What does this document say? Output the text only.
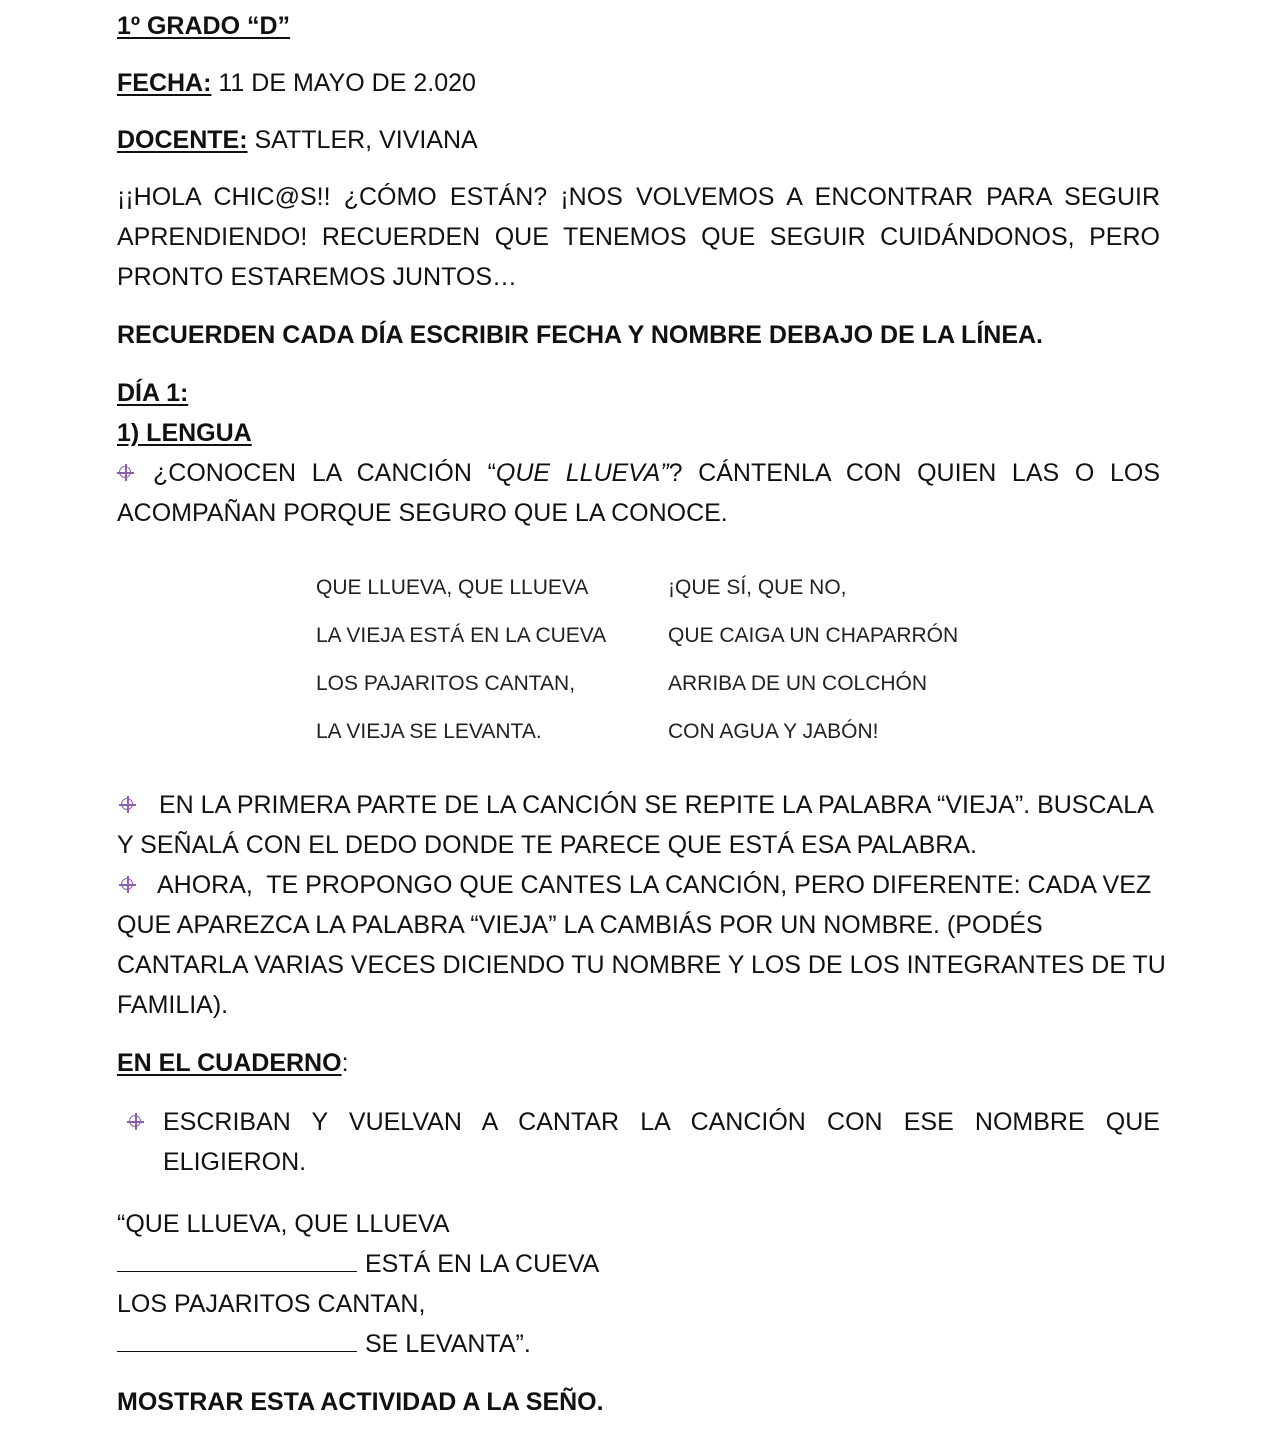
1º GRADO “D”
FECHA: 11 DE MAYO DE 2.020
DOCENTE: SATTLER, VIVIANA
¡¡HOLA CHIC@S!! ¿CÓMO ESTÁN? ¡NOS VOLVEMOS A ENCONTRAR PARA SEGUIR
APRENDIENDO! RECUERDEN QUE TENEMOS QUE SEGUIR CUIDÁNDONOS, PERO
PRONTO ESTAREMOS JUNTOS…
RECUERDEN CADA DÍA ESCRIBIR FECHA Y NOMBRE DEBAJO DE LA LÍNEA.
DÍA 1:
1) LENGUA
¿CONOCEN LA CANCIÓN “QUE LLUEVA”? CÁNTENLA CON QUIEN LAS O LOS
ACOMPAÑAN PORQUE SEGURO QUE LA CONOCE.
QUE LLUEVA, QUE LLUEVA
LA VIEJA ESTÁ EN LA CUEVA
LOS PAJARITOS CANTAN,
LA VIEJA SE LEVANTA.
¡QUE SÍ, QUE NO,
QUE CAIGA UN CHAPARRÓN
ARRIBA DE UN COLCHÓN
CON AGUA Y JABÓN!
EN LA PRIMERA PARTE DE LA CANCIÓN SE REPITE LA PALABRA “VIEJA”. BUSCALA
Y SEÑALÁ CON EL DEDO DONDE TE PARECE QUE ESTÁ ESA PALABRA.
AHORA,  TE PROPONGO QUE CANTES LA CANCIÓN, PERO DIFERENTE: CADA VEZ
QUE APAREZCA LA PALABRA “VIEJA” LA CAMBIÁS POR UN NOMBRE. (PODÉS
CANTARLA VARIAS VECES DICIENDO TU NOMBRE Y LOS DE LOS INTEGRANTES DE TU
FAMILIA).
EN EL CUADERNO:
ESCRIBAN Y VUELVAN A CANTAR LA CANCIÓN CON ESE NOMBRE QUE
ELIGIERON.
“QUE LLUEVA, QUE LLUEVA
ESTÁ EN LA CUEVA
LOS PAJARITOS CANTAN,
SE LEVANTA”.
MOSTRAR ESTA ACTIVIDAD A LA SEÑO.
